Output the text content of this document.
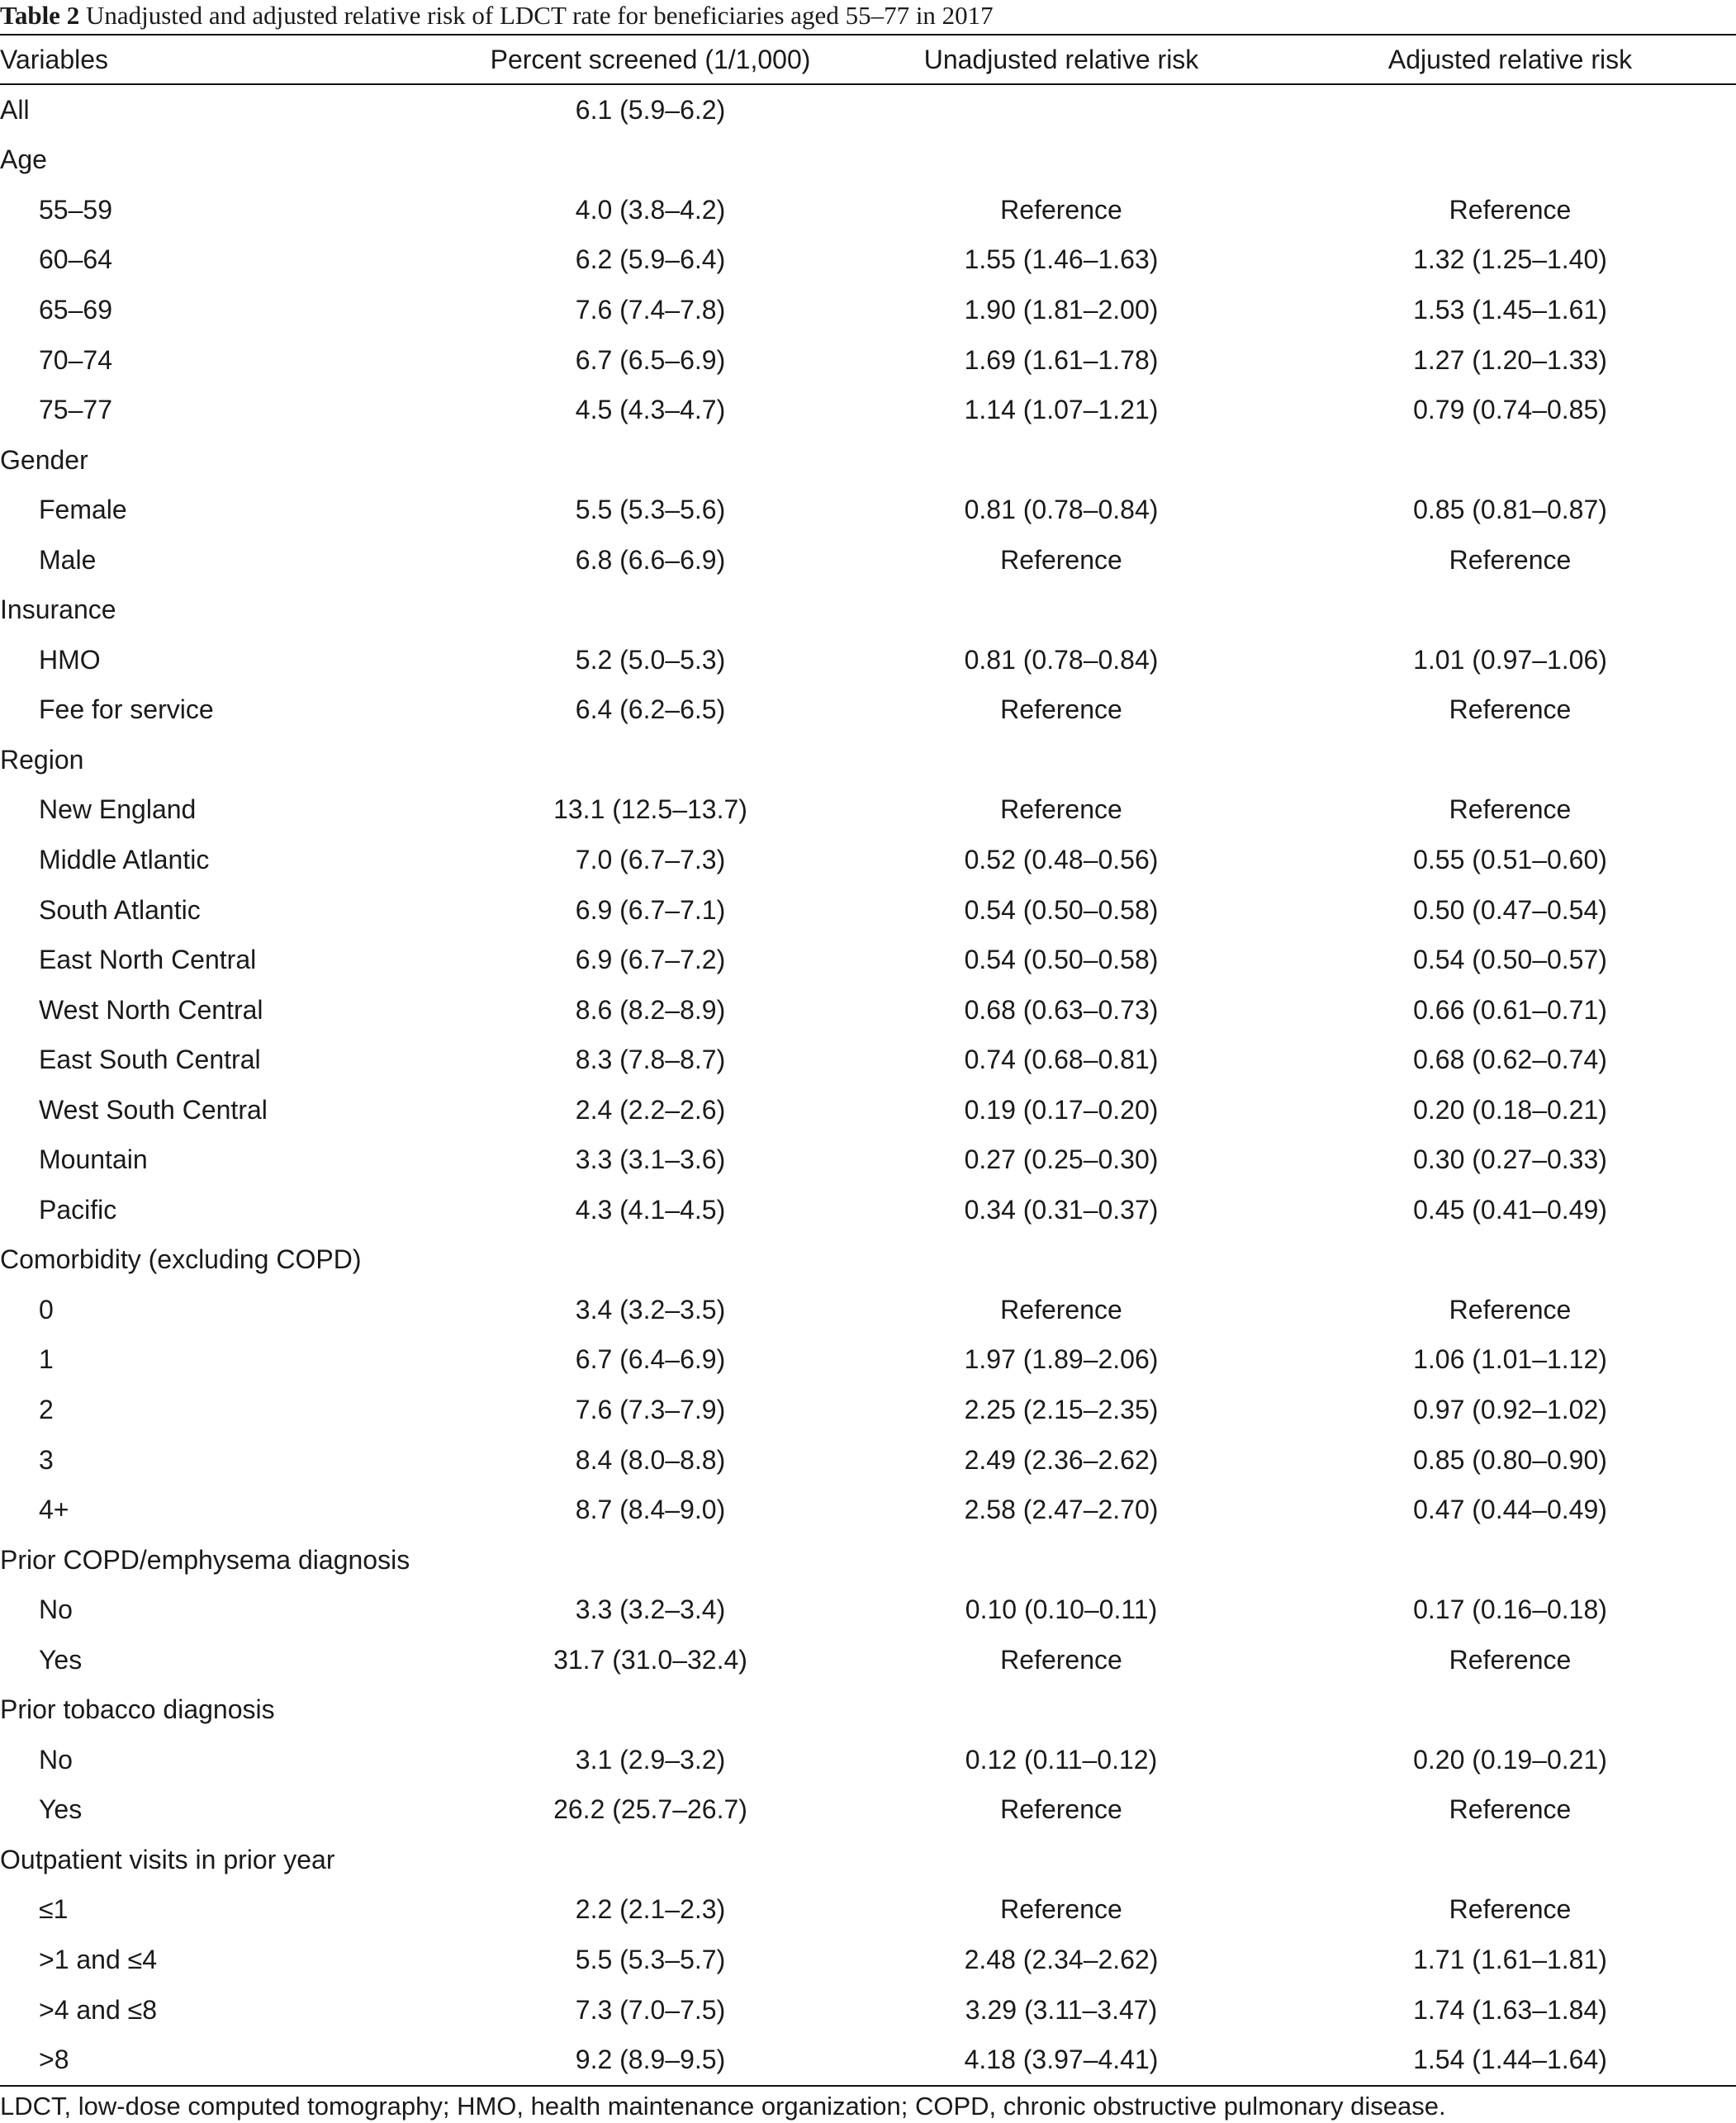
Table 2 Unadjusted and adjusted relative risk of LDCT rate for beneficiaries aged 55–77 in 2017
Variables	Percent screened (1/1,000)	Unadjusted relative risk	Adjusted relative risk
All	6.1 (5.9–6.2)		
Age			
55–59	4.0 (3.8–4.2)	Reference	Reference
60–64	6.2 (5.9–6.4)	1.55 (1.46–1.63)	1.32 (1.25–1.40)
65–69	7.6 (7.4–7.8)	1.90 (1.81–2.00)	1.53 (1.45–1.61)
70–74	6.7 (6.5–6.9)	1.69 (1.61–1.78)	1.27 (1.20–1.33)
75–77	4.5 (4.3–4.7)	1.14 (1.07–1.21)	0.79 (0.74–0.85)
Gender			
Female	5.5 (5.3–5.6)	0.81 (0.78–0.84)	0.85 (0.81–0.87)
Male	6.8 (6.6–6.9)	Reference	Reference
Insurance			
HMO	5.2 (5.0–5.3)	0.81 (0.78–0.84)	1.01 (0.97–1.06)
Fee for service	6.4 (6.2–6.5)	Reference	Reference
Region			
New England	13.1 (12.5–13.7)	Reference	Reference
Middle Atlantic	7.0 (6.7–7.3)	0.52 (0.48–0.56)	0.55 (0.51–0.60)
South Atlantic	6.9 (6.7–7.1)	0.54 (0.50–0.58)	0.50 (0.47–0.54)
East North Central	6.9 (6.7–7.2)	0.54 (0.50–0.58)	0.54 (0.50–0.57)
West North Central	8.6 (8.2–8.9)	0.68 (0.63–0.73)	0.66 (0.61–0.71)
East South Central	8.3 (7.8–8.7)	0.74 (0.68–0.81)	0.68 (0.62–0.74)
West South Central	2.4 (2.2–2.6)	0.19 (0.17–0.20)	0.20 (0.18–0.21)
Mountain	3.3 (3.1–3.6)	0.27 (0.25–0.30)	0.30 (0.27–0.33)
Pacific	4.3 (4.1–4.5)	0.34 (0.31–0.37)	0.45 (0.41–0.49)
Comorbidity (excluding COPD)			
0	3.4 (3.2–3.5)	Reference	Reference
1	6.7 (6.4–6.9)	1.97 (1.89–2.06)	1.06 (1.01–1.12)
2	7.6 (7.3–7.9)	2.25 (2.15–2.35)	0.97 (0.92–1.02)
3	8.4 (8.0–8.8)	2.49 (2.36–2.62)	0.85 (0.80–0.90)
4+	8.7 (8.4–9.0)	2.58 (2.47–2.70)	0.47 (0.44–0.49)
Prior COPD/emphysema diagnosis			
No	3.3 (3.2–3.4)	0.10 (0.10–0.11)	0.17 (0.16–0.18)
Yes	31.7 (31.0–32.4)	Reference	Reference
Prior tobacco diagnosis			
No	3.1 (2.9–3.2)	0.12 (0.11–0.12)	0.20 (0.19–0.21)
Yes	26.2 (25.7–26.7)	Reference	Reference
Outpatient visits in prior year			
≤1	2.2 (2.1–2.3)	Reference	Reference
>1 and ≤4	5.5 (5.3–5.7)	2.48 (2.34–2.62)	1.71 (1.61–1.81)
>4 and ≤8	7.3 (7.0–7.5)	3.29 (3.11–3.47)	1.74 (1.63–1.84)
>8	9.2 (8.9–9.5)	4.18 (3.97–4.41)	1.54 (1.44–1.64)
LDCT, low-dose computed tomography; HMO, health maintenance organization; COPD, chronic obstructive pulmonary disease.
